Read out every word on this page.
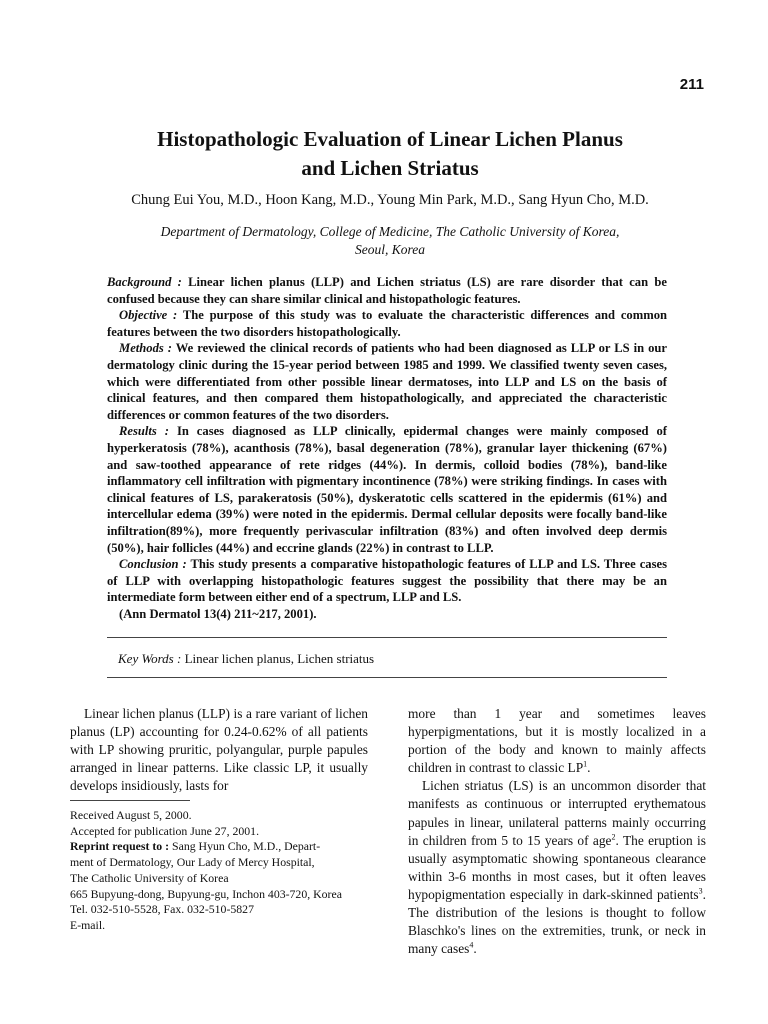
211
Histopathologic Evaluation of Linear Lichen Planus
and Lichen Striatus
Chung Eui You, M.D., Hoon Kang, M.D., Young Min Park, M.D., Sang Hyun Cho, M.D.
Department of Dermatology, College of Medicine, The Catholic University of Korea,
Seoul, Korea

Background : Linear lichen planus (LLP) and Lichen striatus (LS) are rare disorder that can be confused because they can share similar clinical and histopathologic features.

Objective : The purpose of this study was to evaluate the characteristic differences and common features between the two disorders histopathologically.

Methods : We reviewed the clinical records of patients who had been diagnosed as LLP or LS in our dermatology clinic during the 15-year period between 1985 and 1999. We classified twenty seven cases, which were differentiated from other possible linear dermatoses, into LLP and LS on the basis of clinical features, and then compared them histopathologically, and appreciated the characteristic differences or common features of the two disorders.

Results : In cases diagnosed as LLP clinically, epidermal changes were mainly composed of hyperkeratosis (78%), acanthosis (78%), basal degeneration (78%), granular layer thickening (67%) and saw-toothed appearance of rete ridges (44%). In dermis, colloid bodies (78%), band-like inflammatory cell infiltration with pigmentary incontinence (78%) were striking findings. In cases with clinical features of LS, parakeratosis (50%), dyskeratotic cells scattered in the epidermis (61%) and intercellular edema (39%) were noted in the epidermis. Dermal cellular deposits were focally band-like infiltration(89%), more frequently perivascular infiltration (83%) and often involved deep dermis (50%), hair follicles (44%) and eccrine glands (22%) in contrast to LLP.

Conclusion : This study presents a comparative histopathologic features of LLP and LS. Three cases of LLP with overlapping histopathologic features suggest the possibility that there may be an intermediate form between either end of a spectrum, LLP and LS.

(Ann Dermatol 13(4) 211~217, 2001).

Key Words : Linear lichen planus, Lichen striatus

Linear lichen planus (LLP) is a rare variant of lichen planus (LP) accounting for 0.24-0.62% of all patients with LP showing pruritic, polyangular, purple papules arranged in linear patterns. Like classic LP, it usually develops insidiously, lasts for

Received August 5, 2000.
Accepted for publication June 27, 2001.
Reprint request to : Sang Hyun Cho, M.D., Depart-
ment of Dermatology, Our Lady of Mercy Hospital,
The Catholic University of Korea
665 Bupyung-dong, Bupyung-gu, Inchon 403-720, Korea
Tel. 032-510-5528, Fax. 032-510-5827
E-mail.

more than 1 year and sometimes leaves hyperpigmentations, but it is mostly localized in a portion of the body and known to mainly affects children in contrast to classic $LP^1$.

Lichen striatus (LS) is an uncommon disorder that manifests as continuous or interrupted erythematous papules in linear, unilateral patterns mainly occurring in children from 5 to 15 years of age$^2$. The eruption is usually asymptomatic showing spontaneous clearance within 3-6 months in most cases, but it often leaves hypopigmentation especially in dark-skinned patients$^3$. The distribution of the lesions is thought to follow Blaschko's lines on the extremities, trunk, or neck in many cases$^4$.
